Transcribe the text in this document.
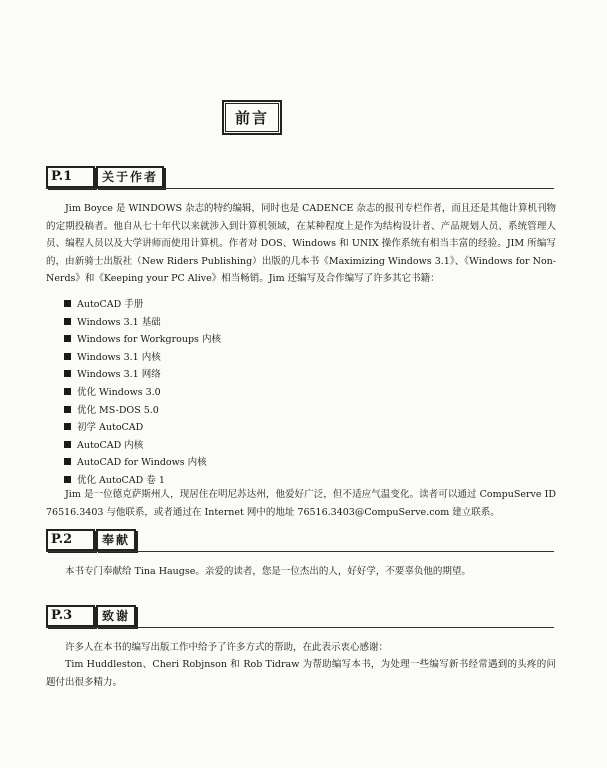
前言
P.1	关于作者

Jim Boyce 是 WINDOWS 杂志的特约编辑，同时也是 CADENCE 杂志的报刊专栏作者，而且还是其他计算机刊物的定期投稿者。他自从七十年代以来就涉入到计算机领域，在某种程度上是作为结构设计者、产品规划人员、系统管理人员、编程人员以及大学讲师而使用计算机。作者对 DOS、Windows 和 UNIX 操作系统有相当丰富的经验。JIM 所编写的，由新骑士出版社（New Riders Publishing）出版的几本书《Maximizing Windows 3.1》、《Windows for Non-Nerds》和《Keeping your PC Alive》相当畅销。Jim 还编写及合作编写了许多其它书籍：

AutoCAD 手册
Windows 3.1 基础
Windows for Workgroups 内核
Windows 3.1 内核
Windows 3.1 网络
优化 Windows 3.0
优化 MS-DOS 5.0
初学 AutoCAD
AutoCAD 内核
AutoCAD for Windows 内核
优化 AutoCAD 卷 1

Jim 是一位德克萨斯州人，现居住在明尼苏达州，他爱好广泛，但不适应气温变化。读者可以通过 CompuServe ID 76516.3403 与他联系，或者通过在 Internet 网中的地址 76516.3403@CompuServe.com 建立联系。

P.2	奉献

本书专门奉献给 Tina Haugse。亲爱的读者，您是一位杰出的人，好好学，不要辜负他的期望。

P.3	致谢

许多人在本书的编写出版工作中给予了许多方式的帮助，在此表示衷心感谢：

Tim Huddleston、Cheri Robjnson 和 Rob Tidraw 为帮助编写本书，为处理一些编写新书经常遇到的头疼的问题付出很多精力。
